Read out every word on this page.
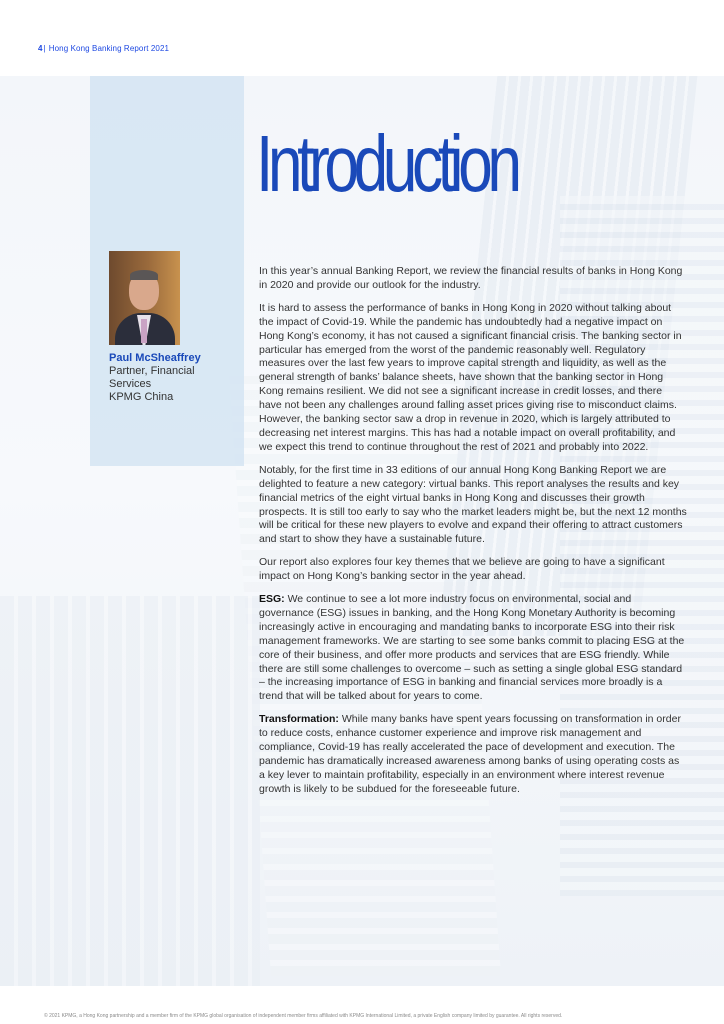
4| Hong Kong Banking Report 2021
Introduction
Paul McSheaffrey
Partner, Financial
Services
KPMG China

In this year’s annual Banking Report, we review the financial results of banks in Hong Kong in 2020 and provide our outlook for the industry.

It is hard to assess the performance of banks in Hong Kong in 2020 without talking about the impact of Covid-19. While the pandemic has undoubtedly had a negative impact on Hong Kong’s economy, it has not caused a significant financial crisis. The banking sector in particular has emerged from the worst of the pandemic reasonably well. Regulatory measures over the last few years to improve capital strength and liquidity, as well as the general strength of banks’ balance sheets, have shown that the banking sector in Hong Kong remains resilient. We did not see a significant increase in credit losses, and there have not been any challenges around falling asset prices giving rise to misconduct claims. However, the banking sector saw a drop in revenue in 2020, which is largely attributed to decreasing net interest margins. This has had a notable impact on overall profitability, and we expect this trend to continue throughout the rest of 2021 and probably into 2022.

Notably, for the first time in 33 editions of our annual Hong Kong Banking Report we are delighted to feature a new category: virtual banks. This report analyses the results and key financial metrics of the eight virtual banks in Hong Kong and discusses their growth prospects. It is still too early to say who the market leaders might be, but the next 12 months will be critical for these new players to evolve and expand their offering to attract customers and start to show they have a sustainable future.

Our report also explores four key themes that we believe are going to have a significant impact on Hong Kong’s banking sector in the year ahead.

ESG: We continue to see a lot more industry focus on environmental, social and governance (ESG) issues in banking, and the Hong Kong Monetary Authority is becoming increasingly active in encouraging and mandating banks to incorporate ESG into their risk management frameworks. We are starting to see some banks commit to placing ESG at the core of their business, and offer more products and services that are ESG friendly. While there are still some challenges to overcome – such as setting a single global ESG standard – the increasing importance of ESG in banking and financial services more broadly is a trend that will be talked about for years to come.

Transformation: While many banks have spent years focussing on transformation in order to reduce costs, enhance customer experience and improve risk management and compliance, Covid-19 has really accelerated the pace of development and execution. The pandemic has dramatically increased awareness among banks of using operating costs as a key lever to maintain profitability, especially in an environment where interest revenue growth is likely to be subdued for the foreseeable future.

© 2021 KPMG, a Hong Kong partnership and a member firm of the KPMG global organisation of independent member firms affiliated with KPMG International Limited, a private English company limited by guarantee. All rights reserved.
